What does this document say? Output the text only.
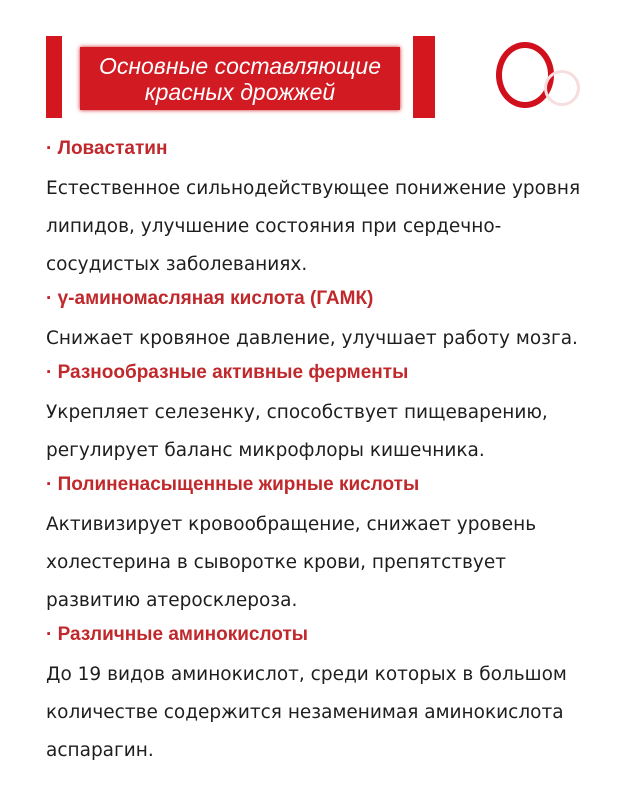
Основные составляющие
красных дрожжей
· Ловастатин
Естественное сильнодействующее понижение уровня
липидов, улучшение состояния при сердечно-
сосудистых заболеваниях.
· γ-аминомасляная кислота (ГАМК)
Снижает кровяное давление, улучшает работу мозга.
· Разнообразные активные ферменты
Укрепляет селезенку, способствует пищеварению,
регулирует баланс микрофлоры кишечника.
· Полиненасыщенные жирные кислоты
Активизирует кровообращение, снижает уровень
холестерина в сыворотке крови, препятствует
развитию атеросклероза.
· Различные аминокислоты
До 19 видов аминокислот, среди которых в большом
количестве содержится незаменимая аминокислота
аспарагин.
